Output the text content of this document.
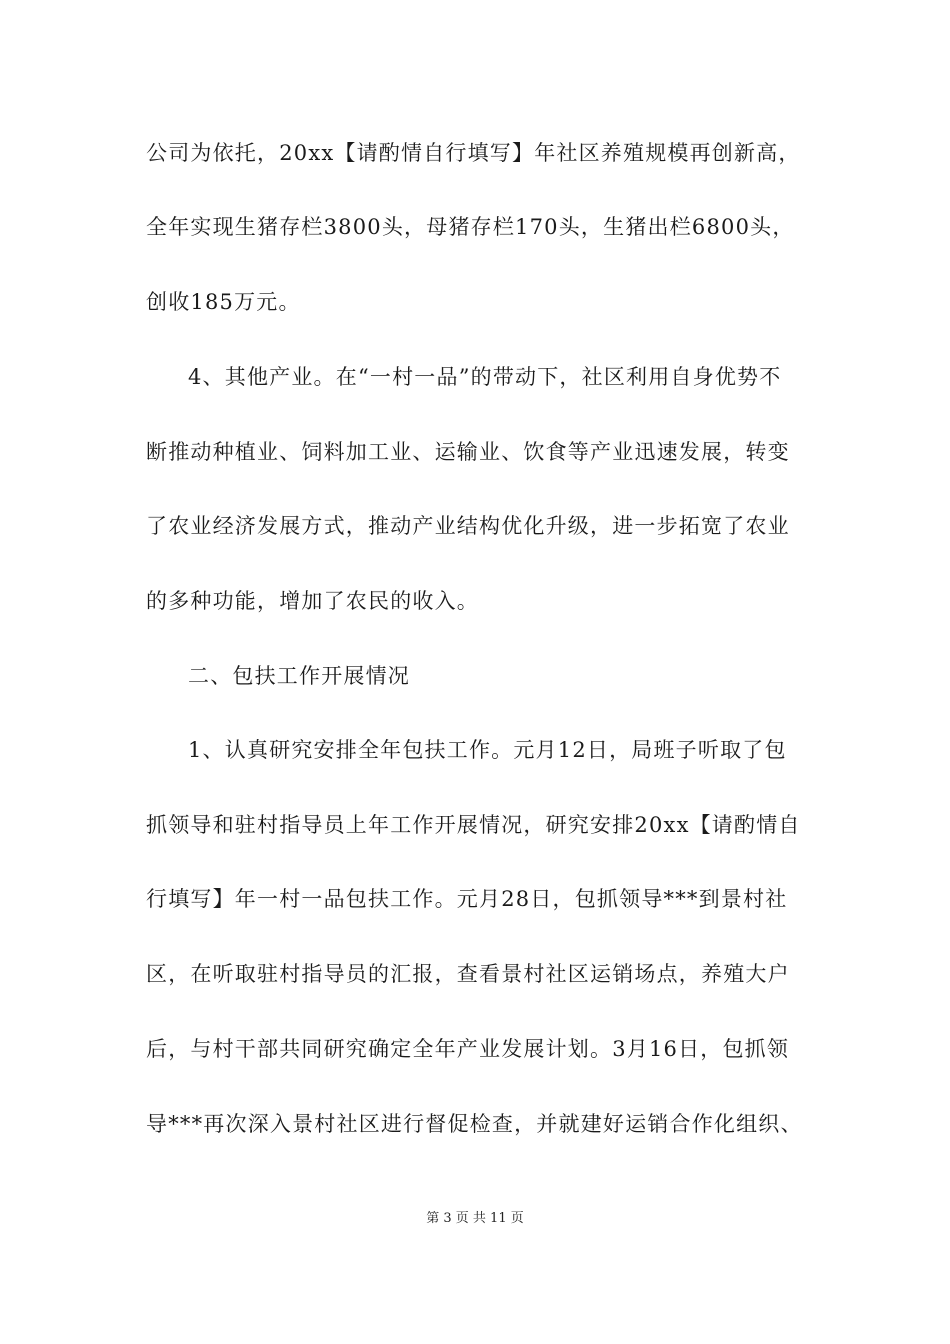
公司为依托，20xx【请酌情自行填写】年社区养殖规模再创新高，
全年实现生猪存栏3800头，母猪存栏170头，生猪出栏6800头，
创收185万元。
4、其他产业。在“一村一品”的带动下，社区利用自身优势不
断推动种植业、饲料加工业、运输业、饮食等产业迅速发展，转变
了农业经济发展方式，推动产业结构优化升级，进一步拓宽了农业
的多种功能，增加了农民的收入。
二、包扶工作开展情况
1、认真研究安排全年包扶工作。元月12日，局班子听取了包
抓领导和驻村指导员上年工作开展情况，研究安排20xx【请酌情自
行填写】年一村一品包扶工作。元月28日，包抓领导***到景村社
区，在听取驻村指导员的汇报，查看景村社区运销场点，养殖大户
后，与村干部共同研究确定全年产业发展计划。3月16日，包抓领
导***再次深入景村社区进行督促检查，并就建好运销合作化组织、
第 3 页 共 11 页
